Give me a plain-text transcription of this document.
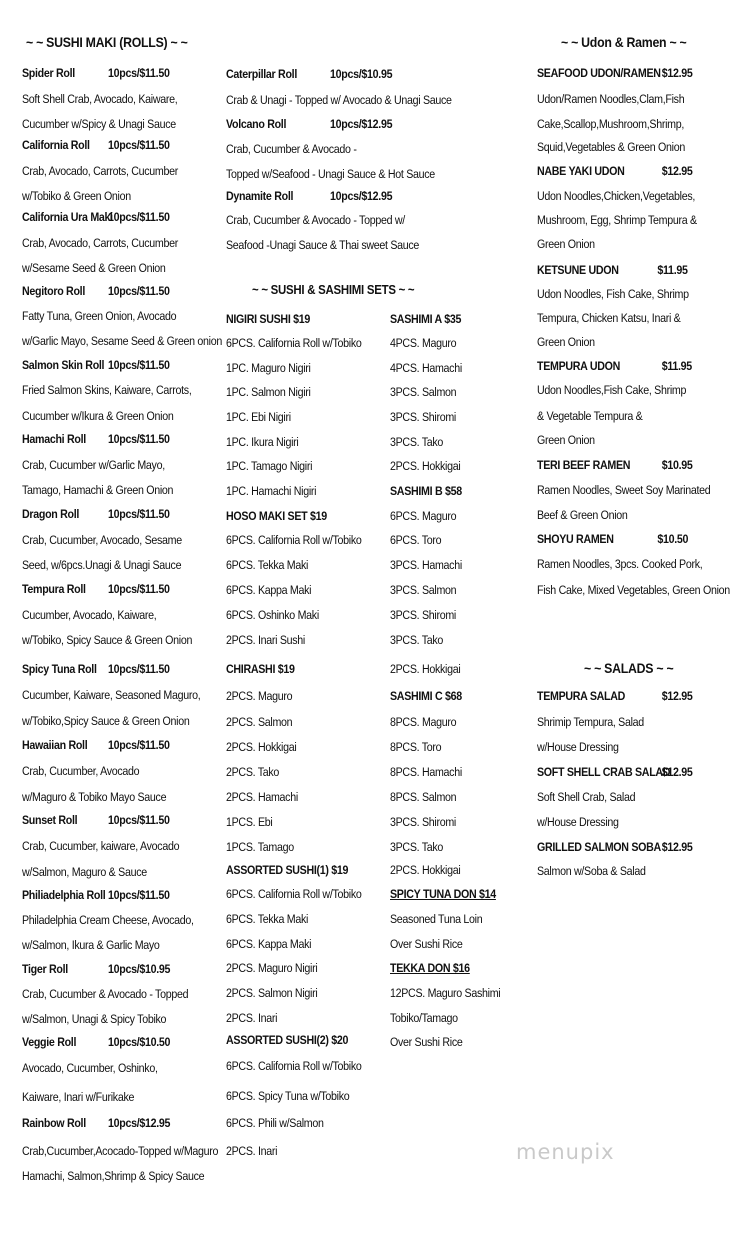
~ ~ SUSHI MAKI (ROLLS) ~ ~
Spider Roll	10pcs/$11.50
Soft Shell Crab, Avocado, Kaiware,
Cucumber w/Spicy & Unagi Sauce
California Roll 10pcs/$11.50
Crab, Avocado, Carrots, Cucumber
w/Tobiko & Green Onion
California Ura Maki
10pcs/$11.50
Crab, Avocado, Carrots, Cucumber
w/Sesame Seed & Green Onion
Negitoro Roll 10pcs/$11.50
Fatty Tuna, Green Onion, Avocado
w/Garlic Mayo, Sesame Seed & Green onion
Salmon Skin Roll 10pcs/$11.50
Fried Salmon Skins, Kaiware, Carrots,
Cucumber w/Ikura & Green Onion
Hamachi Roll 10pcs/$11.50
Crab, Cucumber w/Garlic Mayo,
Tamago, Hamachi & Green Onion
Dragon Roll 10pcs/$11.50
Crab, Cucumber, Avocado, Sesame
Seed, w/6pcs.Unagi & Unagi Sauce
Tempura Roll 10pcs/$11.50
Cucumber, Avocado, Kaiware,
w/Tobiko, Spicy Sauce & Green Onion
Spicy Tuna Roll 10pcs/$11.50
Cucumber, Kaiware, Seasoned Maguro,
w/Tobiko,Spicy Sauce & Green Onion
Hawaiian Roll 10pcs/$11.50
Crab, Cucumber, Avocado
w/Maguro & Tobiko Mayo Sauce
Sunset Roll 10pcs/$11.50
Crab, Cucumber, kaiware, Avocado
w/Salmon, Maguro & Sauce
Philiadelphia Roll 10pcs/$11.50
Philadelphia Cream Cheese, Avocado,
w/Salmon, Ikura & Garlic Mayo
Tiger Roll	10pcs/$10.95
Crab, Cucumber & Avocado - Topped
w/Salmon, Unagi & Spicy Tobiko
Veggie Roll	10pcs/$10.50
Avocado, Cucumber, Oshinko,
Kaiware, Inari w/Furikake
Rainbow Roll 10pcs/$12.95
Crab,Cucumber,Acocado-Topped w/Maguro
Hamachi, Salmon,Shrimp & Spicy Sauce
Caterpillar Roll	10pcs/$10.95
Crab & Unagi - Topped w/ Avocado & Unagi Sauce
Volcano Roll	10pcs/$12.95
Crab, Cucumber & Avocado -
Topped w/Seafood - Unagi Sauce & Hot Sauce
Dynamite Roll	10pcs/$12.95
Crab, Cucumber & Avocado - Topped w/
Seafood -Unagi Sauce & Thai sweet Sauce
~ ~ SUSHI & SASHIMI SETS ~ ~
NIGIRI SUSHI $19
6PCS. California Roll w/Tobiko
1PC. Maguro Nigiri
1PC. Salmon Nigiri
1PC. Ebi Nigiri
1PC. Ikura Nigiri
1PC. Tamago Nigiri
1PC. Hamachi Nigiri
HOSO MAKI SET $19
6PCS. California Roll w/Tobiko
6PCS. Tekka Maki
6PCS. Kappa Maki
6PCS. Oshinko Maki
2PCS. Inari Sushi
CHIRASHI $19
2PCS. Maguro
2PCS. Salmon
2PCS. Hokkigai
2PCS. Tako
2PCS. Hamachi
1PCS. Ebi
1PCS. Tamago
ASSORTED SUSHI(1) $19
6PCS. California Roll w/Tobiko
6PCS. Tekka Maki
6PCS. Kappa Maki
2PCS. Maguro Nigiri
2PCS. Salmon Nigiri
2PCS. Inari
ASSORTED SUSHI(2) $20
6PCS. California Roll w/Tobiko
6PCS. Spicy Tuna w/Tobiko
6PCS. Phili w/Salmon
2PCS. Inari
SASHIMI A $35
4PCS. Maguro
4PCS. Hamachi
3PCS. Salmon
3PCS. Shiromi
3PCS. Tako
2PCS. Hokkigai
SASHIMI B $58
6PCS. Maguro
6PCS. Toro
3PCS. Hamachi
3PCS. Salmon
3PCS. Shiromi
3PCS. Tako
2PCS. Hokkigai
SASHIMI C $68
8PCS. Maguro
8PCS. Toro
8PCS. Hamachi
8PCS. Salmon
3PCS. Shiromi
3PCS. Tako
2PCS. Hokkigai
SPICY TUNA DON $14
Seasoned Tuna Loin
Over Sushi Rice
TEKKA DON $16
12PCS. Maguro Sashimi
Tobiko/Tamago
Over Sushi Rice
~ ~ Udon & Ramen ~ ~
SEAFOOD UDON/RAMEN $12.95
Udon/Ramen Noodles,Clam,Fish
Cake,Scallop,Mushroom,Shrimp,
Squid,Vegetables & Green Onion
NABE YAKI UDON	$12.95
Udon Noodles,Chicken,Vegetables,
Mushroom, Egg, Shrimp Tempura &
Green Onion
KETSUNE UDON	$11.95
Udon Noodles, Fish Cake, Shrimp
Tempura, Chicken Katsu, Inari &
Green Onion
TEMPURA UDON	$11.95
Udon Noodles,Fish Cake, Shrimp
& Vegetable Tempura &
Green Onion
TERI BEEF RAMEN	$10.95
Ramen Noodles, Sweet Soy Marinated
Beef & Green Onion
SHOYU RAMEN	$10.50
Ramen Noodles, 3pcs. Cooked Pork,
Fish Cake, Mixed Vegetables, Green Onion
~ ~ SALADS ~ ~
TEMPURA SALAD	$12.95
Shrimip Tempura, Salad
w/House Dressing
SOFT SHELL CRAB SALAD
$12.95
Soft Shell Crab, Salad
w/House Dressing
GRILLED SALMON SOBA $12.95
Salmon w/Soba & Salad
menupix
